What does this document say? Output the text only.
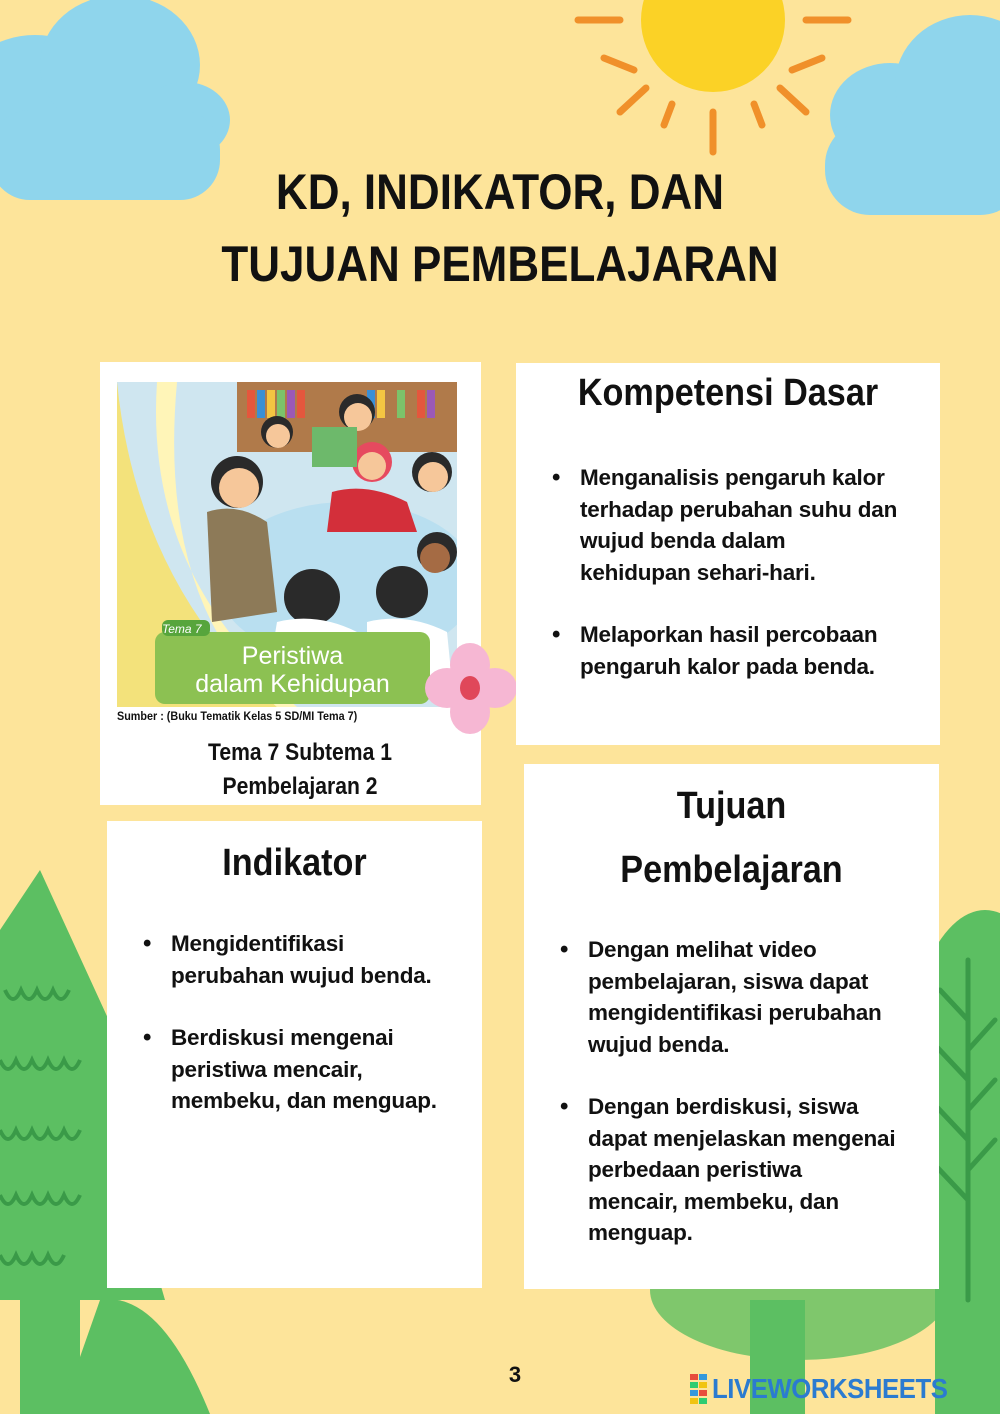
KD, INDIKATOR, DAN
TUJUAN PEMBELAJARAN
Tema 7
Peristiwa
dalam Kehidupan
Sumber : (Buku Tematik Kelas 5 SD/MI Tema 7)
Tema 7 Subtema 1
Pembelajaran 2
Kompetensi Dasar
• Menganalisis pengaruh kalor
terhadap perubahan suhu dan
wujud benda dalam
kehidupan sehari-hari.
• Melaporkan hasil percobaan
pengaruh kalor pada benda.
Indikator
• Mengidentifikasi
perubahan wujud benda.
• Berdiskusi mengenai
peristiwa mencair,
membeku, dan menguap.
Tujuan
Pembelajaran
• Dengan melihat video
pembelajaran, siswa dapat
mengidentifikasi perubahan
wujud benda.
• Dengan berdiskusi, siswa
dapat menjelaskan mengenai
perbedaan peristiwa
mencair, membeku, dan
menguap.
3	LIVEWORKSHEETS
